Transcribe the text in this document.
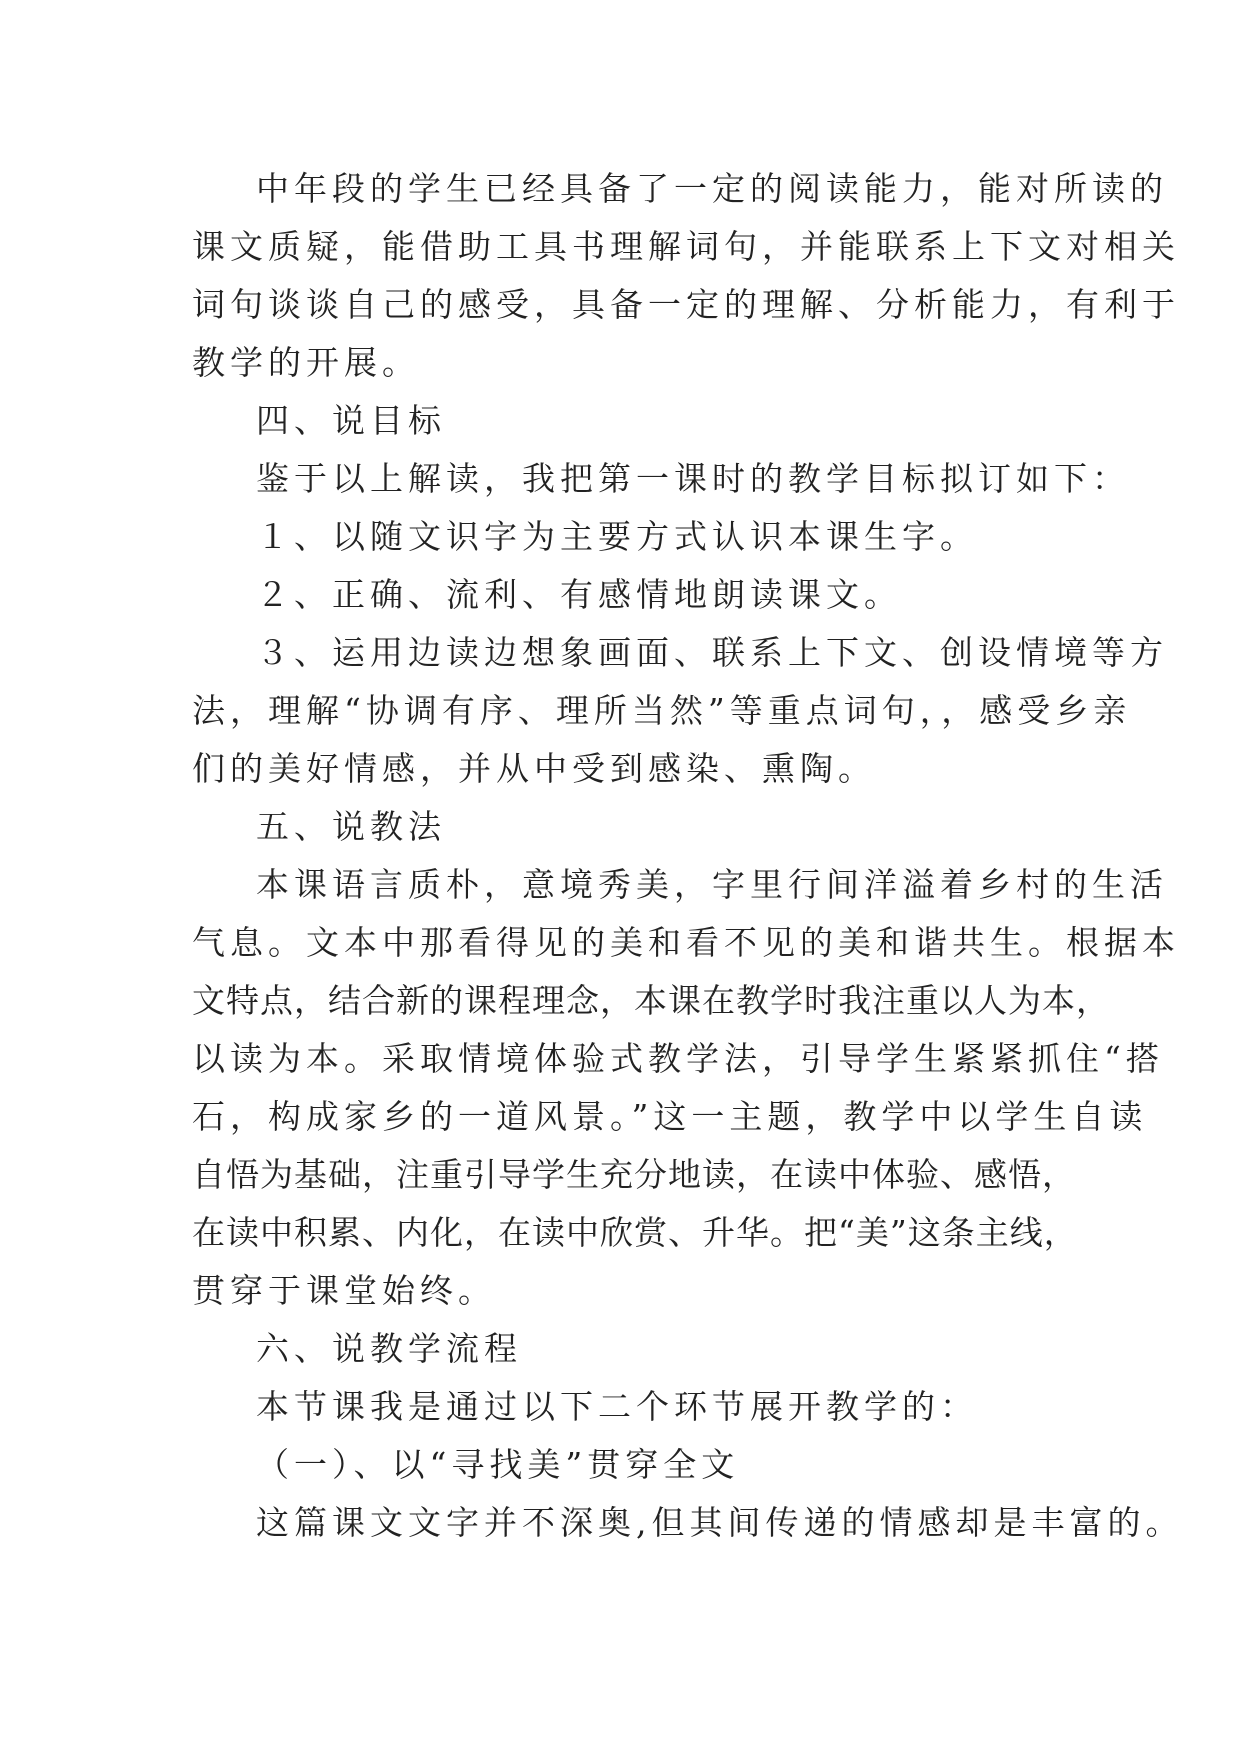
中年段的学生已经具备了一定的阅读能力，能对所读的

课文质疑，能借助工具书理解词句，并能联系上下文对相关

词句谈谈自己的感受，具备一定的理解、分析能力，有利于

教学的开展。

四、说目标

鉴于以上解读，我把第一课时的教学目标拟订如下：

１、以随文识字为主要方式认识本课生字。

２、正确、流利、有感情地朗读课文。

３、运用边读边想象画面、联系上下文、创设情境等方

法，理解“协调有序、理所当然”等重点词句，，感受乡亲

们的美好情感，并从中受到感染、熏陶。

五、说教法

本课语言质朴，意境秀美，字里行间洋溢着乡村的生活

气息。文本中那看得见的美和看不见的美和谐共生。根据本

文特点，结合新的课程理念，本课在教学时我注重以人为本，

以读为本。采取情境体验式教学法，引导学生紧紧抓住“搭

石，构成家乡的一道风景。”这一主题，教学中以学生自读

自悟为基础，注重引导学生充分地读，在读中体验、感悟，

在读中积累、内化，在读中欣赏、升华。把“美”这条主线，

贯穿于课堂始终。

六、说教学流程

本节课我是通过以下二个环节展开教学的：

（一）、以“寻找美”贯穿全文

这篇课文文字并不深奥,但其间传递的情感却是丰富的。
